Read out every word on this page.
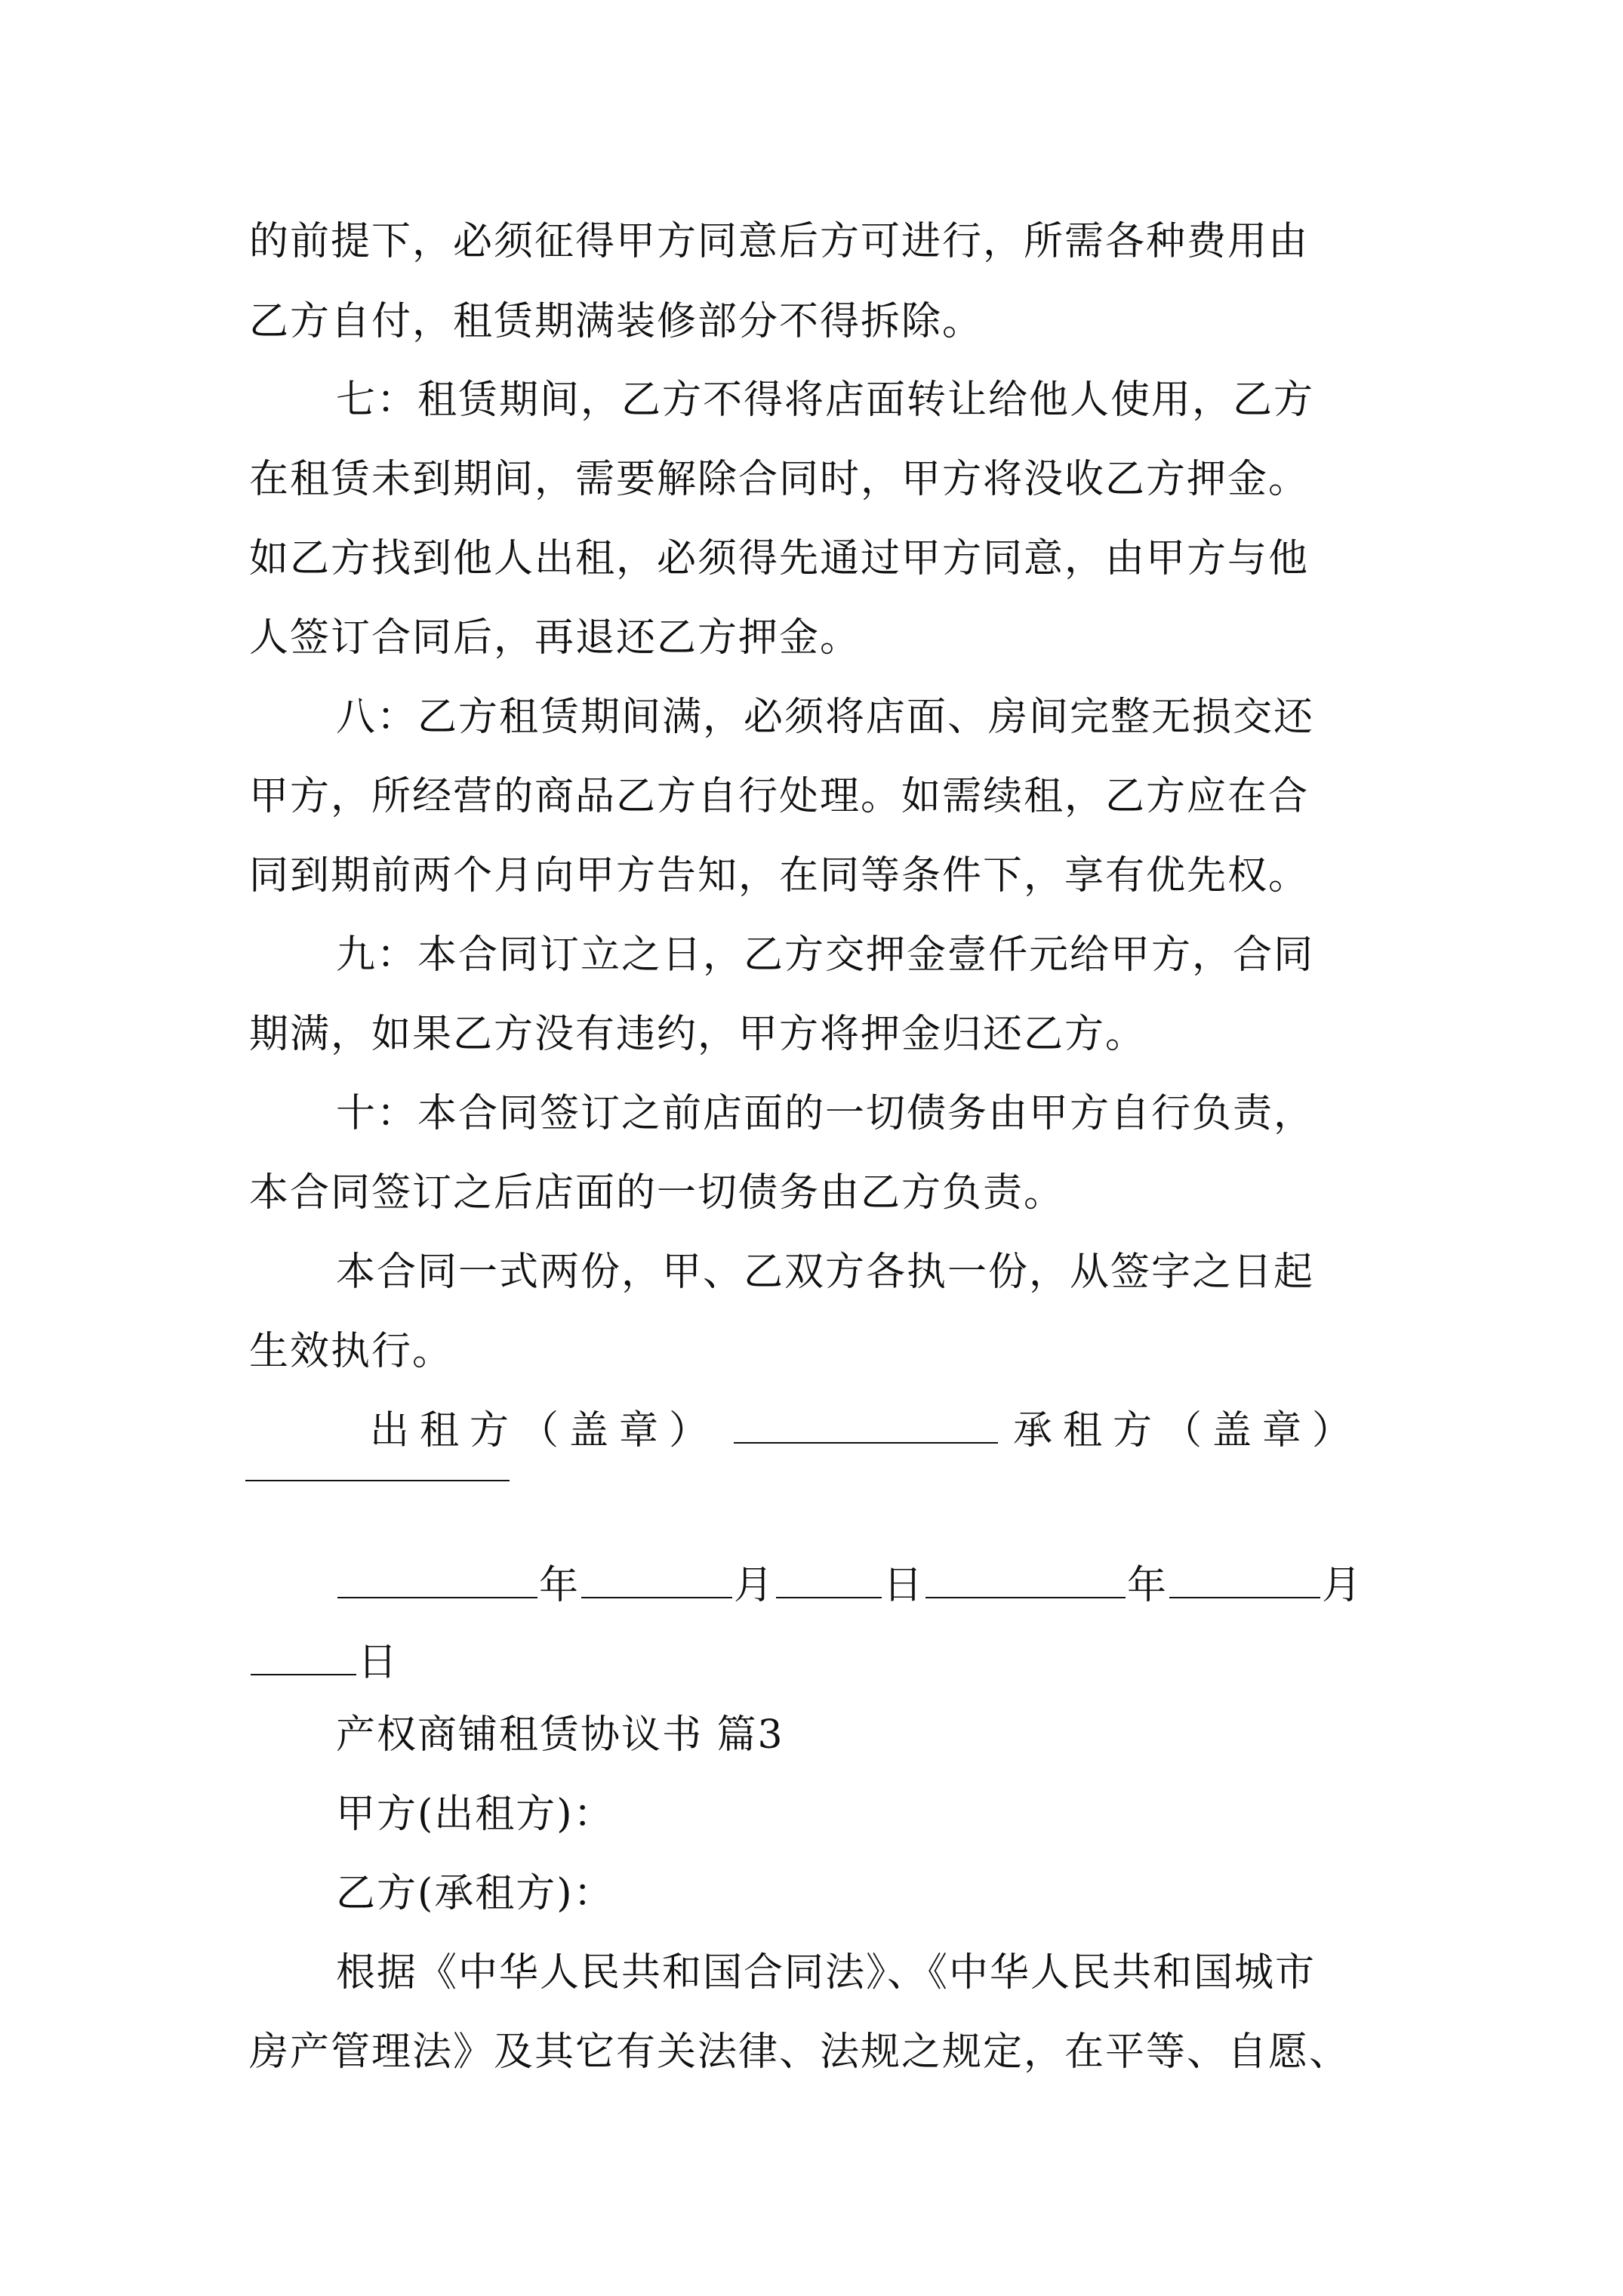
的前提下，必须征得甲方同意后方可进行，所需各种费用由
乙方自付，租赁期满装修部分不得拆除。
七：租赁期间，乙方不得将店面转让给他人使用，乙方
在租赁未到期间，需要解除合同时，甲方将没收乙方押金。
如乙方找到他人出租，必须得先通过甲方同意，由甲方与他
人签订合同后，再退还乙方押金。
八：乙方租赁期间满，必须将店面、房间完整无损交还
甲方，所经营的商品乙方自行处理。如需续租，乙方应在合
同到期前两个月向甲方告知，在同等条件下，享有优先权。
九：本合同订立之日，乙方交押金壹仟元给甲方，合同
期满，如果乙方没有违约，甲方将押金归还乙方。
十：本合同签订之前店面的一切债务由甲方自行负责，
本合同签订之后店面的一切债务由乙方负责。
本合同一式两份，甲、乙双方各执一份，从签字之日起
生效执行。
出租方（盖章）	承租方（盖章）
年	月	日	年	月
日
产权商铺租赁协议书 篇3
甲方(出租方)：
乙方(承租方)：
根据《中华人民共和国合同法》、《中华人民共和国城市
房产管理法》及其它有关法律、法规之规定，在平等、自愿、
